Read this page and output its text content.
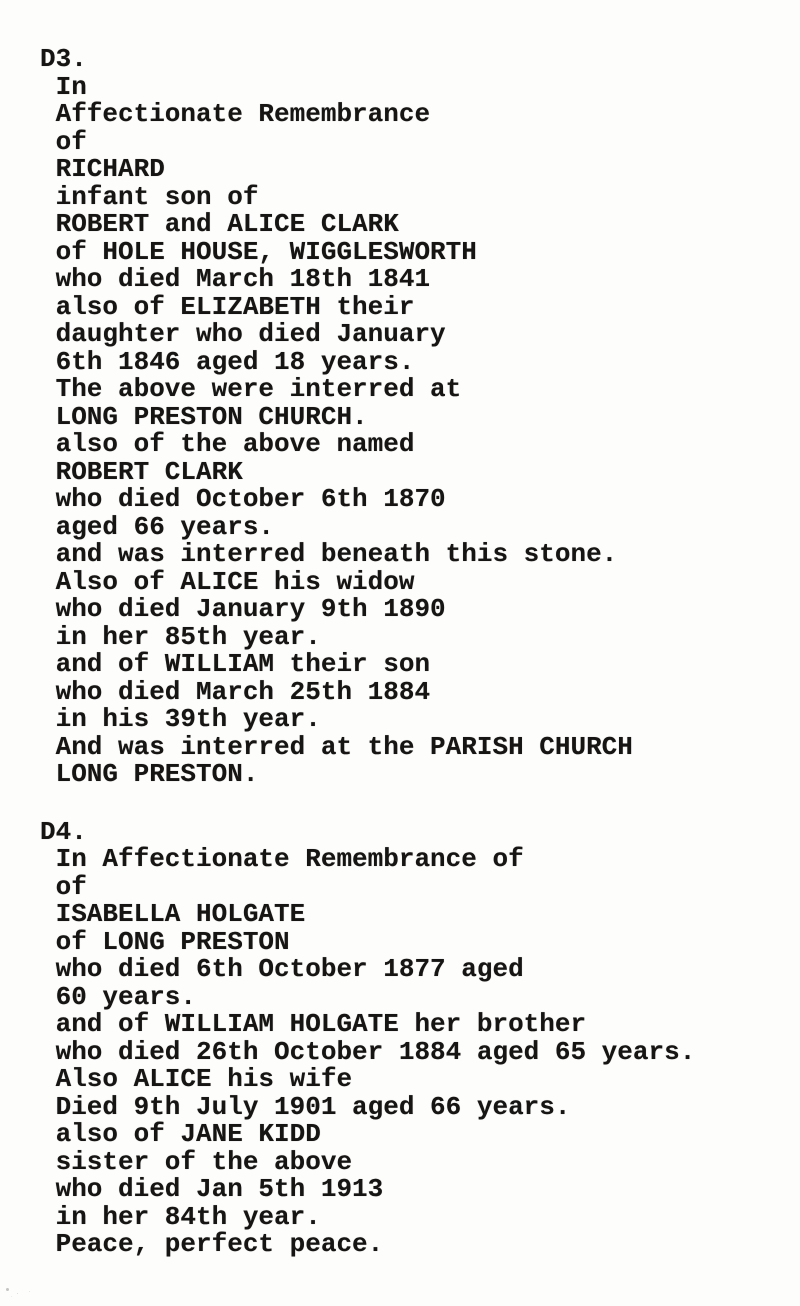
D3.
In
Affectionate Remembrance
of
RICHARD
infant son of
ROBERT and ALICE CLARK
of HOLE HOUSE, WIGGLESWORTH
who died March 18th 1841
also of ELIZABETH their
daughter who died January
6th 1846 aged 18 years.
The above were interred at
LONG PRESTON CHURCH.
also of the above named
ROBERT CLARK
who died October 6th 1870
aged 66 years.
and was interred beneath this stone.
Also of ALICE his widow
who died January 9th 1890
in her 85th year.
and of WILLIAM their son
who died March 25th 1884
in his 39th year.
And was interred at the PARISH CHURCH
LONG PRESTON.
D4.
In Affectionate Remembrance of
of
ISABELLA HOLGATE
of LONG PRESTON
who died 6th October 1877 aged
60 years.
and of WILLIAM HOLGATE her brother
who died 26th October 1884 aged 65 years.
Also ALICE his wife
Died 9th July 1901 aged 66 years.
also of JANE KIDD
sister of the above
who died Jan 5th 1913
in her 84th year.
Peace, perfect peace.
